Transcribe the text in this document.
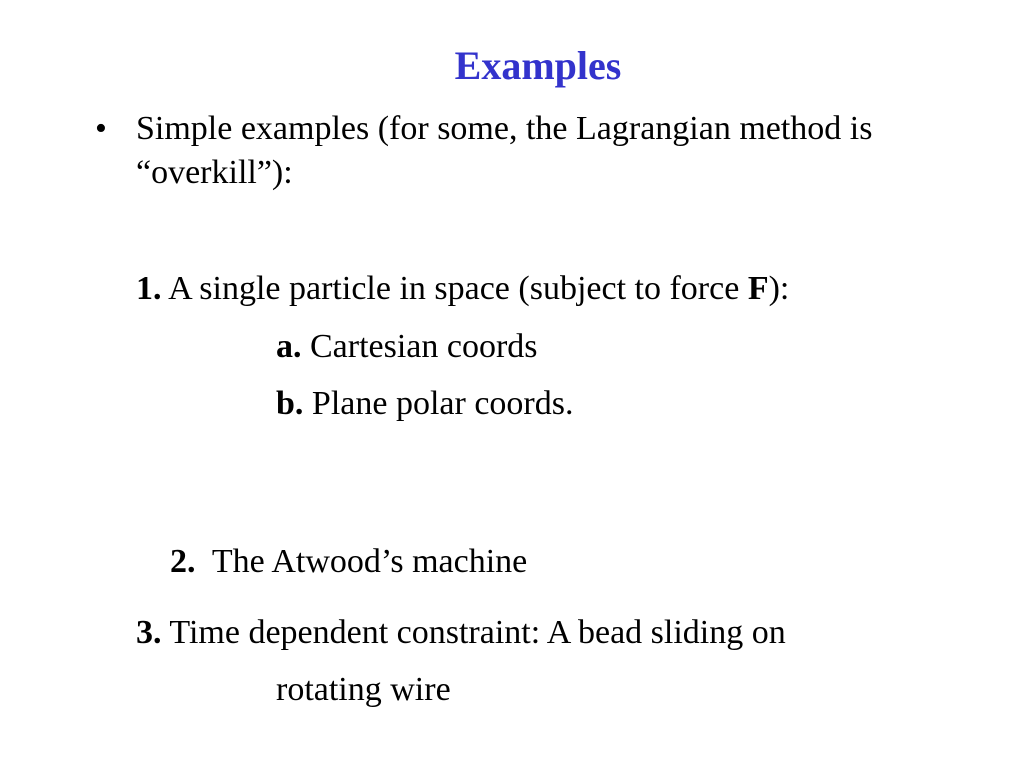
Examples
• Simple examples (for some, the Lagrangian method is “overkill”):
1. A single particle in space (subject to force F):
a. Cartesian coords
b. Plane polar coords.

2.  The Atwood’s machine

3. Time dependent constraint: A bead sliding on
rotating wire
